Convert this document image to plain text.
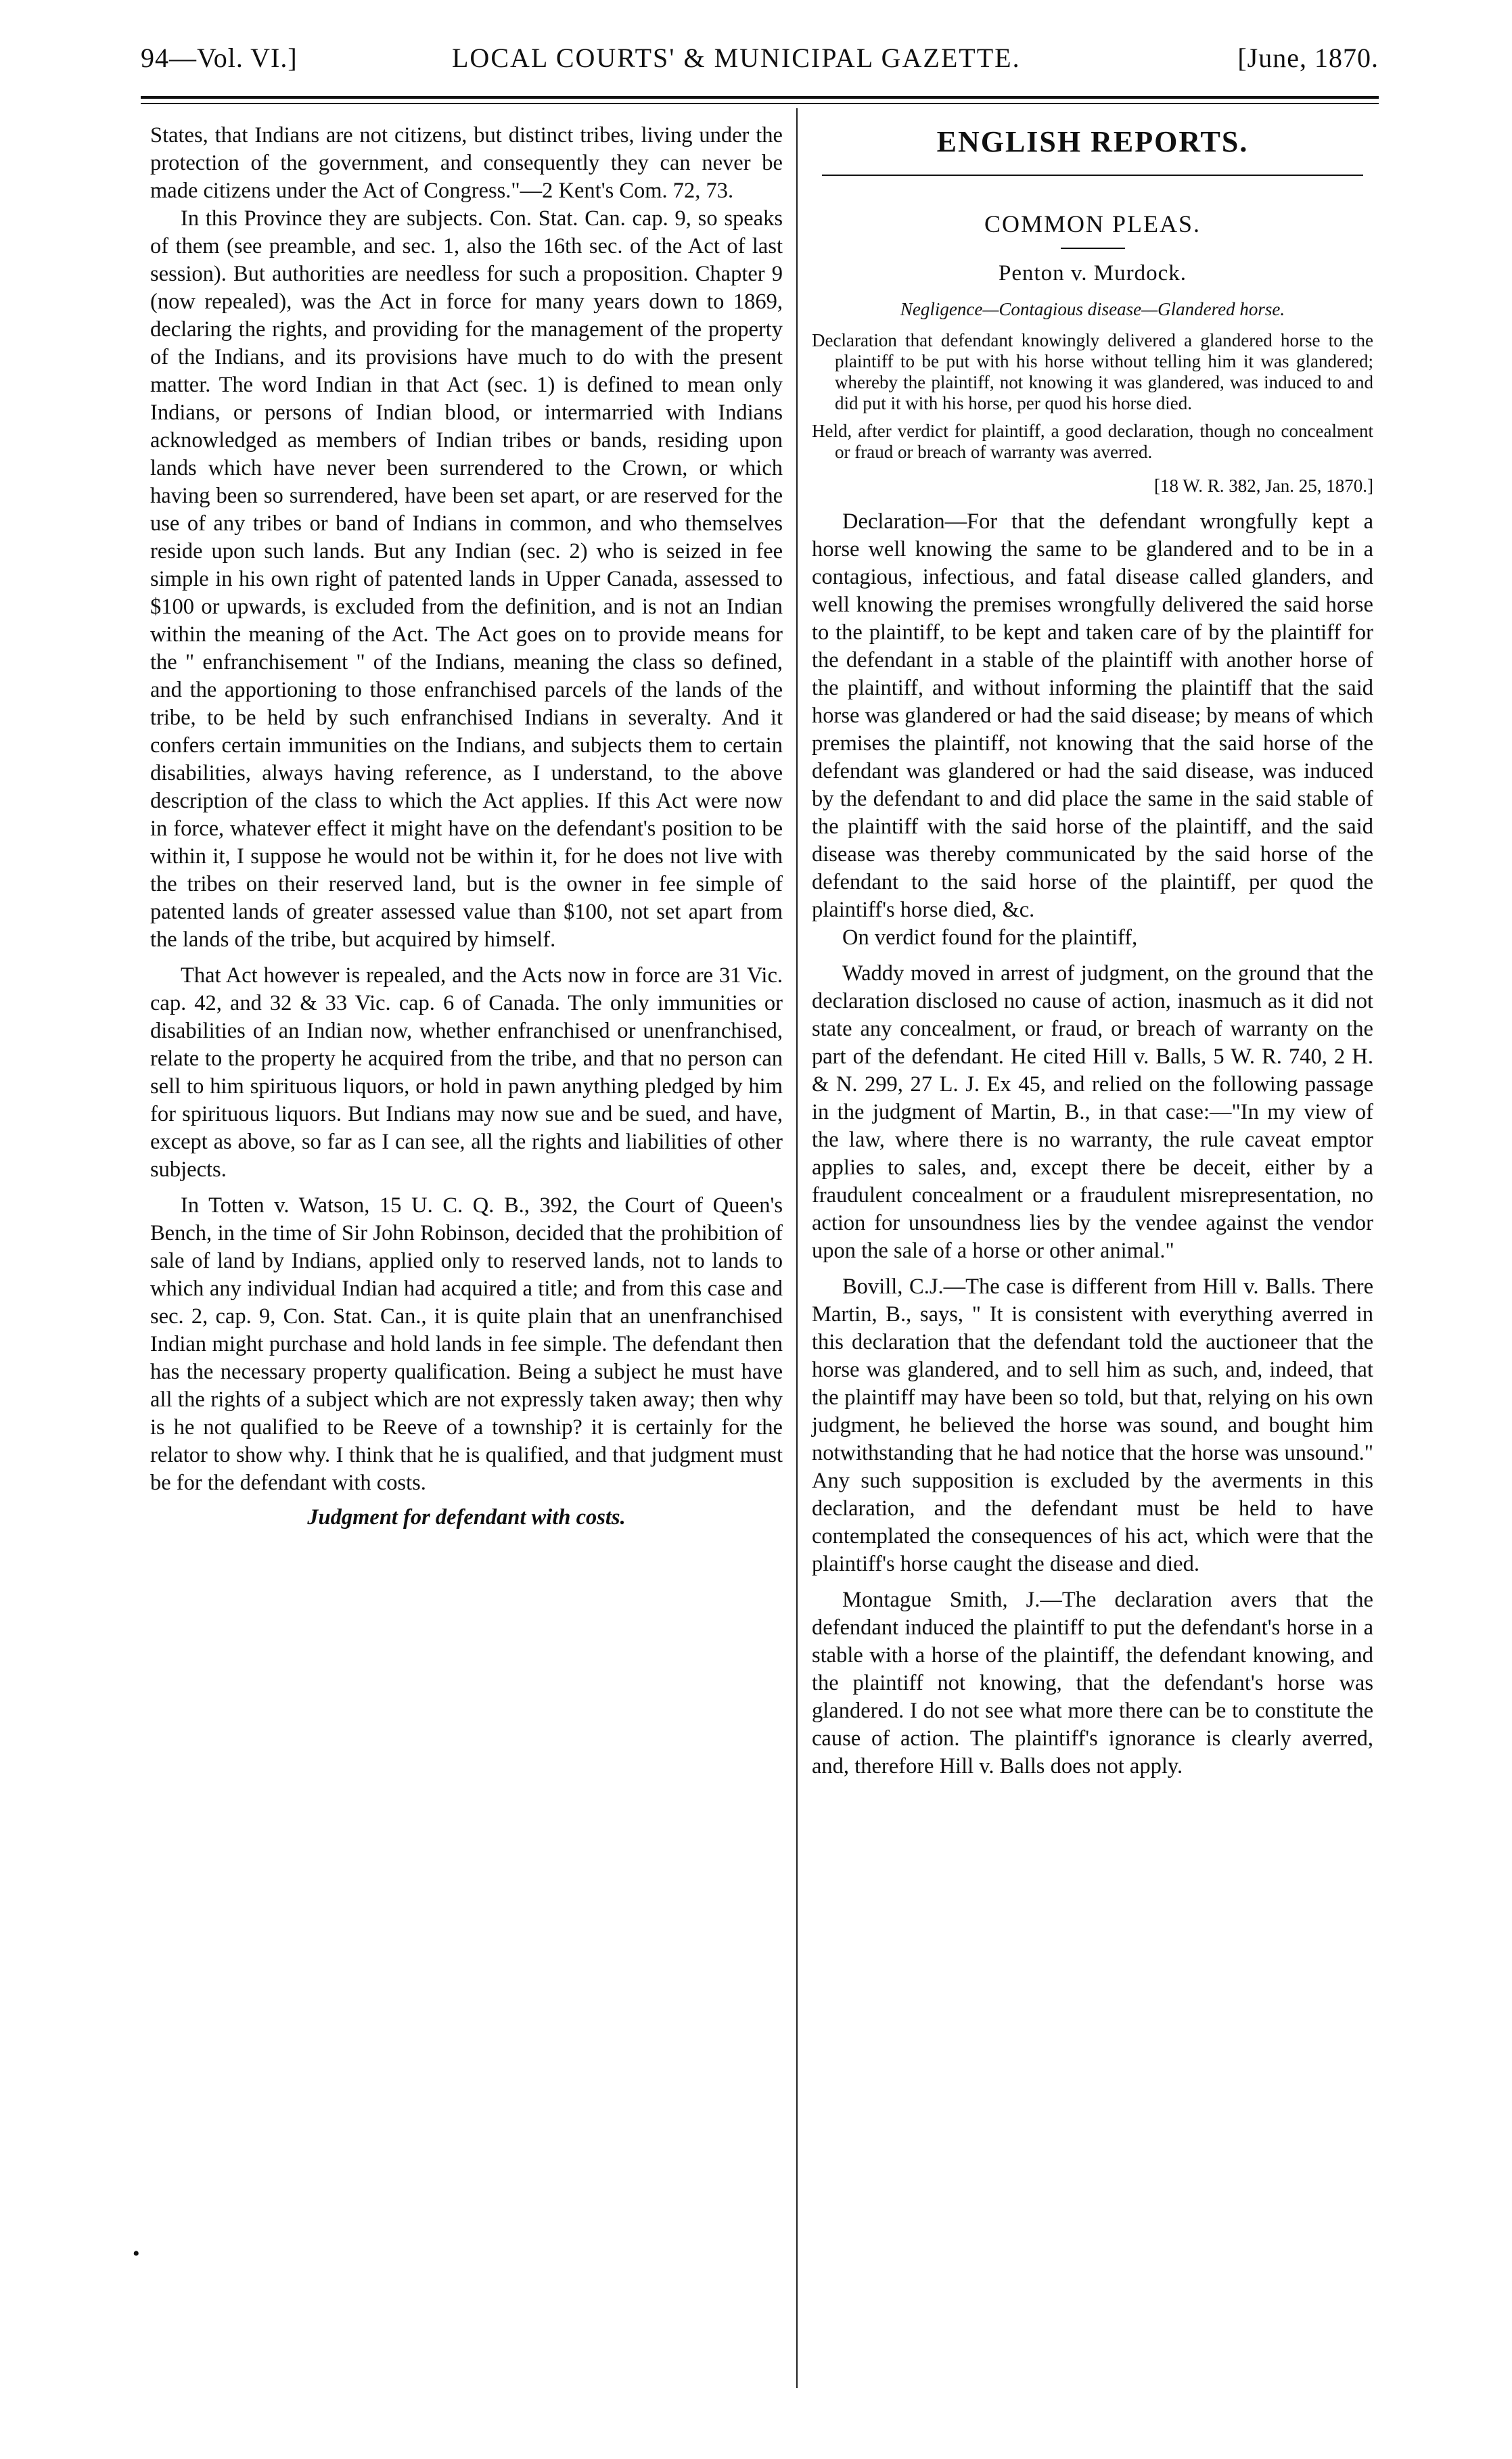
94—Vol. VI.]	LOCAL COURTS' & MUNICIPAL GAZETTE.	[June, 1870.

States, that Indians are not citizens, but distinct tribes, living under the protection of the government, and consequently they can never be made citizens under the Act of Congress."—2 Kent's Com. 72, 73.

In this Province they are subjects. Con. Stat. Can. cap. 9, so speaks of them (see preamble, and sec. 1, also the 16th sec. of the Act of last session). But authorities are needless for such a proposition. Chapter 9 (now repealed), was the Act in force for many years down to 1869, declaring the rights, and providing for the management of the property of the Indians, and its provisions have much to do with the present matter. The word Indian in that Act (sec. 1) is defined to mean only Indians, or persons of Indian blood, or intermarried with Indians acknowledged as members of Indian tribes or bands, residing upon lands which have never been surrendered to the Crown, or which having been so surrendered, have been set apart, or are reserved for the use of any tribes or band of Indians in common, and who themselves reside upon such lands. But any Indian (sec. 2) who is seized in fee simple in his own right of patented lands in Upper Canada, assessed to $100 or upwards, is excluded from the definition, and is not an Indian within the meaning of the Act. The Act goes on to provide means for the " enfranchisement " of the Indians, meaning the class so defined, and the apportioning to those enfranchised parcels of the lands of the tribe, to be held by such enfranchised Indians in severalty. And it confers certain immunities on the Indians, and subjects them to certain disabilities, always having reference, as I understand, to the above description of the class to which the Act applies. If this Act were now in force, whatever effect it might have on the defendant's position to be within it, I suppose he would not be within it, for he does not live with the tribes on their reserved land, but is the owner in fee simple of patented lands of greater assessed value than $100, not set apart from the lands of the tribe, but acquired by himself.

That Act however is repealed, and the Acts now in force are 31 Vic. cap. 42, and 32 & 33 Vic. cap. 6 of Canada. The only immunities or disabilities of an Indian now, whether enfranchised or unenfranchised, relate to the property he acquired from the tribe, and that no person can sell to him spirituous liquors, or hold in pawn anything pledged by him for spirituous liquors. But Indians may now sue and be sued, and have, except as above, so far as I can see, all the rights and liabilities of other subjects.

In Totten v. Watson, 15 U. C. Q. B., 392, the Court of Queen's Bench, in the time of Sir John Robinson, decided that the prohibition of sale of land by Indians, applied only to reserved lands, not to lands to which any individual Indian had acquired a title; and from this case and sec. 2, cap. 9, Con. Stat. Can., it is quite plain that an unenfranchised Indian might purchase and hold lands in fee simple. The defendant then has the necessary property qualification. Being a subject he must have all the rights of a subject which are not expressly taken away; then why is he not qualified to be Reeve of a township? it is certainly for the relator to show why. I think that he is qualified, and that judgment must be for the defendant with costs.

Judgment for defendant with costs.

ENGLISH REPORTS.
COMMON PLEAS.
Penton v. Murdock.
Negligence—Contagious disease—Glandered horse.
Declaration that defendant knowingly delivered a glandered horse to the plaintiff to be put with his horse without telling him it was glandered; whereby the plaintiff, not knowing it was glandered, was induced to and did put it with his horse, per quod his horse died.
Held, after verdict for plaintiff, a good declaration, though no concealment or fraud or breach of warranty was averred.
[18 W. R. 382, Jan. 25, 1870.]

Declaration—For that the defendant wrongfully kept a horse well knowing the same to be glandered and to be in a contagious, infectious, and fatal disease called glanders, and well knowing the premises wrongfully delivered the said horse to the plaintiff, to be kept and taken care of by the plaintiff for the defendant in a stable of the plaintiff with another horse of the plaintiff, and without informing the plaintiff that the said horse was glandered or had the said disease; by means of which premises the plaintiff, not knowing that the said horse of the defendant was glandered or had the said disease, was induced by the defendant to and did place the same in the said stable of the plaintiff with the said horse of the plaintiff, and the said disease was thereby communicated by the said horse of the defendant to the said horse of the plaintiff, per quod the plaintiff's horse died, &c.

On verdict found for the plaintiff,

Waddy moved in arrest of judgment, on the ground that the declaration disclosed no cause of action, inasmuch as it did not state any concealment, or fraud, or breach of warranty on the part of the defendant. He cited Hill v. Balls, 5 W. R. 740, 2 H. & N. 299, 27 L. J. Ex 45, and relied on the following passage in the judgment of Martin, B., in that case:—"In my view of the law, where there is no warranty, the rule caveat emptor applies to sales, and, except there be deceit, either by a fraudulent concealment or a fraudulent misrepresentation, no action for unsoundness lies by the vendee against the vendor upon the sale of a horse or other animal."

Bovill, C.J.—The case is different from Hill v. Balls. There Martin, B., says, " It is consistent with everything averred in this declaration that the defendant told the auctioneer that the horse was glandered, and to sell him as such, and, indeed, that the plaintiff may have been so told, but that, relying on his own judgment, he believed the horse was sound, and bought him notwithstanding that he had notice that the horse was unsound." Any such supposition is excluded by the averments in this declaration, and the defendant must be held to have contemplated the consequences of his act, which were that the plaintiff's horse caught the disease and died.

Montague Smith, J.—The declaration avers that the defendant induced the plaintiff to put the defendant's horse in a stable with a horse of the plaintiff, the defendant knowing, and the plaintiff not knowing, that the defendant's horse was glandered. I do not see what more there can be to constitute the cause of action. The plaintiff's ignorance is clearly averred, and, therefore Hill v. Balls does not apply.

•
